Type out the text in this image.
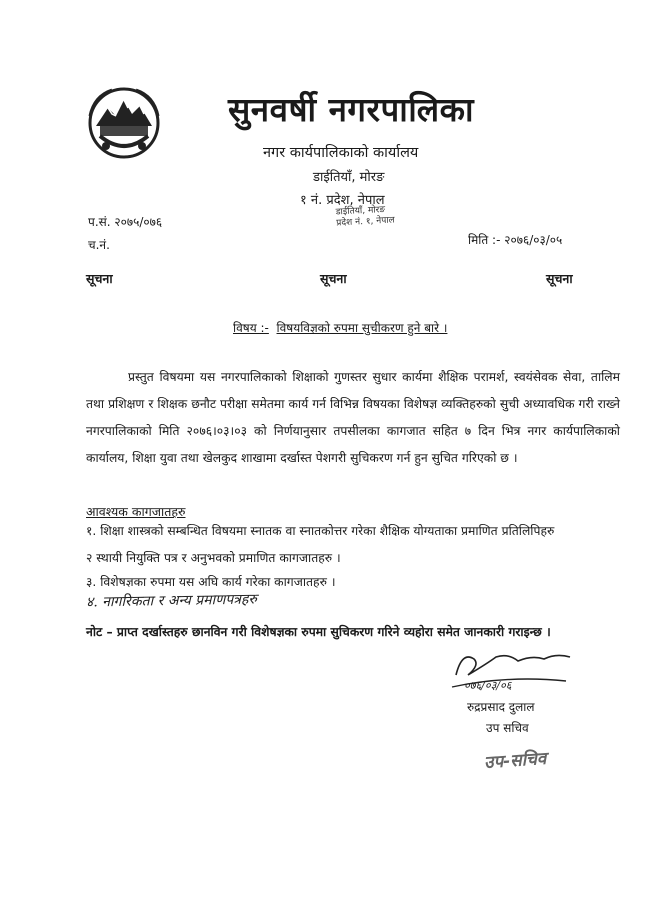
सुनवर्षी नगरपालिका
नगर कार्यपालिकाको कार्यालय
डाईतियाँ, मोरङ
१ नं. प्रदेश, नेपाल
डाईतियाँ, मोरङ
प्रदेश नं. १, नेपाल
प.सं. २०७५/०७६
च.नं.	मिति :- २०७६/०३/०५
सूचना	सूचना	सूचना
विषय :- विषयविज्ञको रुपमा सुचीकरण हुने बारे ।
प्रस्तुत विषयमा यस नगरपालिकाको शिक्षाको गुणस्तर सुधार कार्यमा शैक्षिक परामर्श, स्वयंसेवक सेवा, तालिम तथा प्रशिक्षण र शिक्षक छनौट परीक्षा समेतमा कार्य गर्न विभिन्न विषयका विशेषज्ञ व्यक्तिहरुको सुची अध्यावधिक गरी राख्ने नगरपालिकाको मिति २०७६।०३।०३ को निर्णयानुसार तपसीलका कागजात सहित ७ दिन भित्र नगर कार्यपालिकाको कार्यालय, शिक्षा युवा तथा खेलकुद शाखामा दर्खास्त पेशगरी सुचिकरण गर्न हुन सुचित गरिएको छ ।
आवश्यक कागजातहरु
१. शिक्षा शास्त्रको सम्बन्धित विषयमा स्नातक वा स्नातकोत्तर गरेका शैक्षिक योग्यताका प्रमाणित प्रतिलिपिहरु
२ स्थायी नियुक्ति पत्र र अनुभवको प्रमाणित कागजातहरु ।
३. विशेषज्ञका रुपमा यस अघि कार्य गरेका कागजातहरु ।
४. नागरिकता र अन्य प्रमाणपत्रहरु
नोट – प्राप्त दर्खास्तहरु छानविन गरी विशेषज्ञका रुपमा सुचिकरण गरिने व्यहोरा समेत जानकारी गराइन्छ ।
०७६/०३/०६
रुद्रप्रसाद दुलाल
उप सचिव
उप-सचिव
